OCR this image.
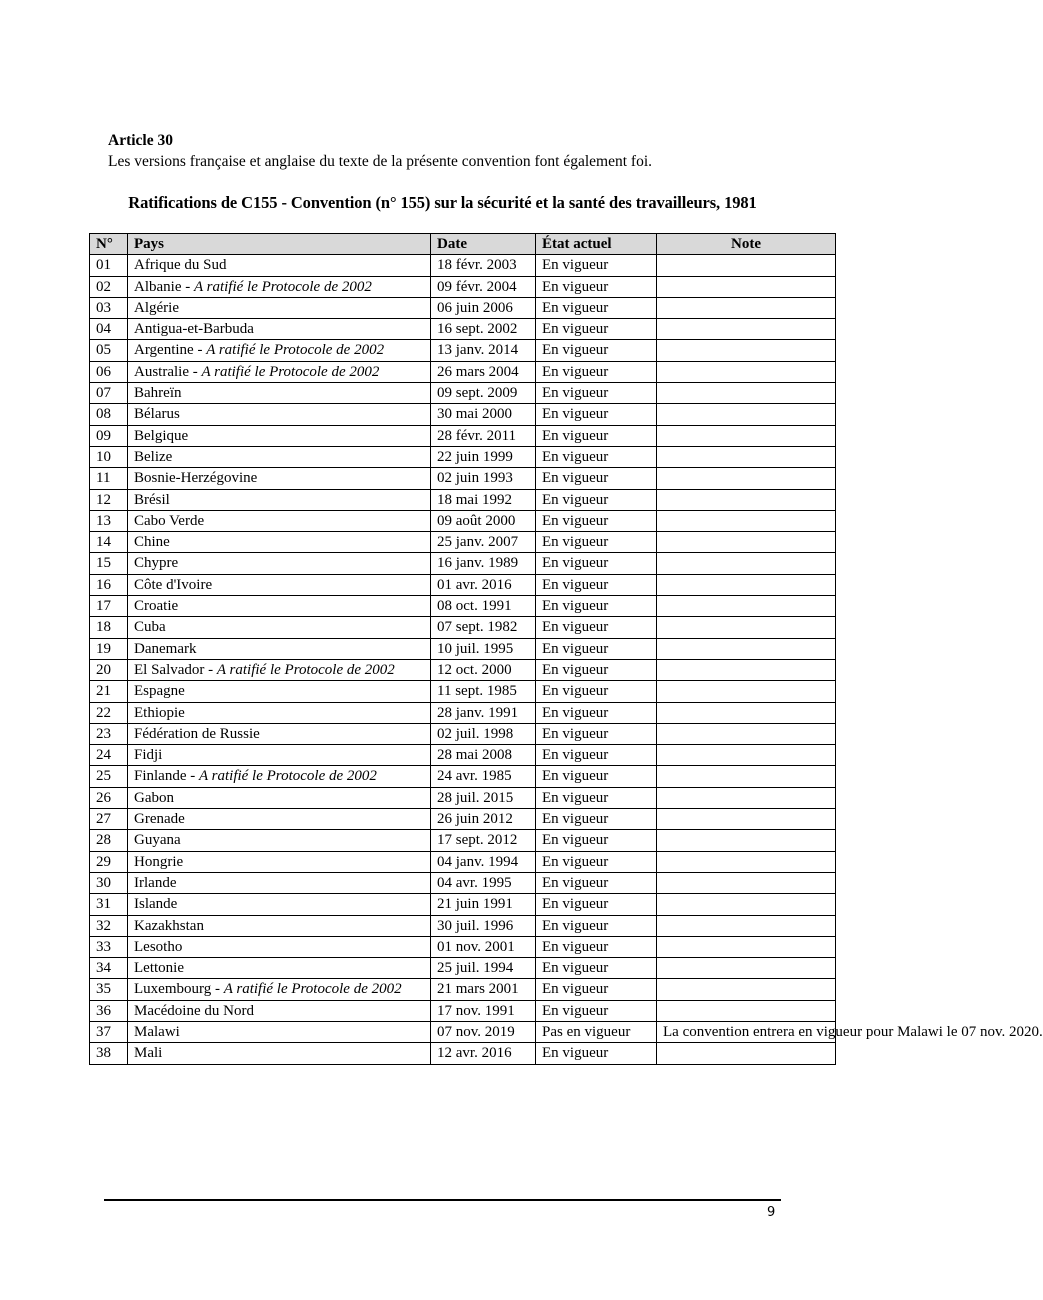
Article 30
Les versions française et anglaise du texte de la présente convention font également foi.
Ratifications de C155 - Convention (n° 155) sur la sécurité et la santé des travailleurs, 1981
N°	Pays	Date	État actuel	Note
01	Afrique du Sud	18 févr. 2003	En vigueur	
02	Albanie - A ratifié le Protocole de 2002	09 févr. 2004	En vigueur	
03	Algérie	06 juin 2006	En vigueur	
04	Antigua-et-Barbuda	16 sept. 2002	En vigueur	
05	Argentine - A ratifié le Protocole de 2002	13 janv. 2014	En vigueur	
06	Australie - A ratifié le Protocole de 2002	26 mars 2004	En vigueur	
07	Bahreïn	09 sept. 2009	En vigueur	
08	Bélarus	30 mai 2000	En vigueur	
09	Belgique	28 févr. 2011	En vigueur	
10	Belize	22 juin 1999	En vigueur	
11	Bosnie-Herzégovine	02 juin 1993	En vigueur	
12	Brésil	18 mai 1992	En vigueur	
13	Cabo Verde	09 août 2000	En vigueur	
14	Chine	25 janv. 2007	En vigueur	
15	Chypre	16 janv. 1989	En vigueur	
16	Côte d'Ivoire	01 avr. 2016	En vigueur	
17	Croatie	08 oct. 1991	En vigueur	
18	Cuba	07 sept. 1982	En vigueur	
19	Danemark	10 juil. 1995	En vigueur	
20	El Salvador - A ratifié le Protocole de 2002	12 oct. 2000	En vigueur	
21	Espagne	11 sept. 1985	En vigueur	
22	Ethiopie	28 janv. 1991	En vigueur	
23	Fédération de Russie	02 juil. 1998	En vigueur	
24	Fidji	28 mai 2008	En vigueur	
25	Finlande - A ratifié le Protocole de 2002	24 avr. 1985	En vigueur	
26	Gabon	28 juil. 2015	En vigueur	
27	Grenade	26 juin 2012	En vigueur	
28	Guyana	17 sept. 2012	En vigueur	
29	Hongrie	04 janv. 1994	En vigueur	
30	Irlande	04 avr. 1995	En vigueur	
31	Islande	21 juin 1991	En vigueur	
32	Kazakhstan	30 juil. 1996	En vigueur	
33	Lesotho	01 nov. 2001	En vigueur	
34	Lettonie	25 juil. 1994	En vigueur	
35	Luxembourg - A ratifié le Protocole de 2002	21 mars 2001	En vigueur	
36	Macédoine du Nord	17 nov. 1991	En vigueur	
37	Malawi	07 nov. 2019	Pas en vigueur	La convention entrera en vigueur pour Malawi le 07 nov. 2020.
38	Mali	12 avr. 2016	En vigueur	
9
